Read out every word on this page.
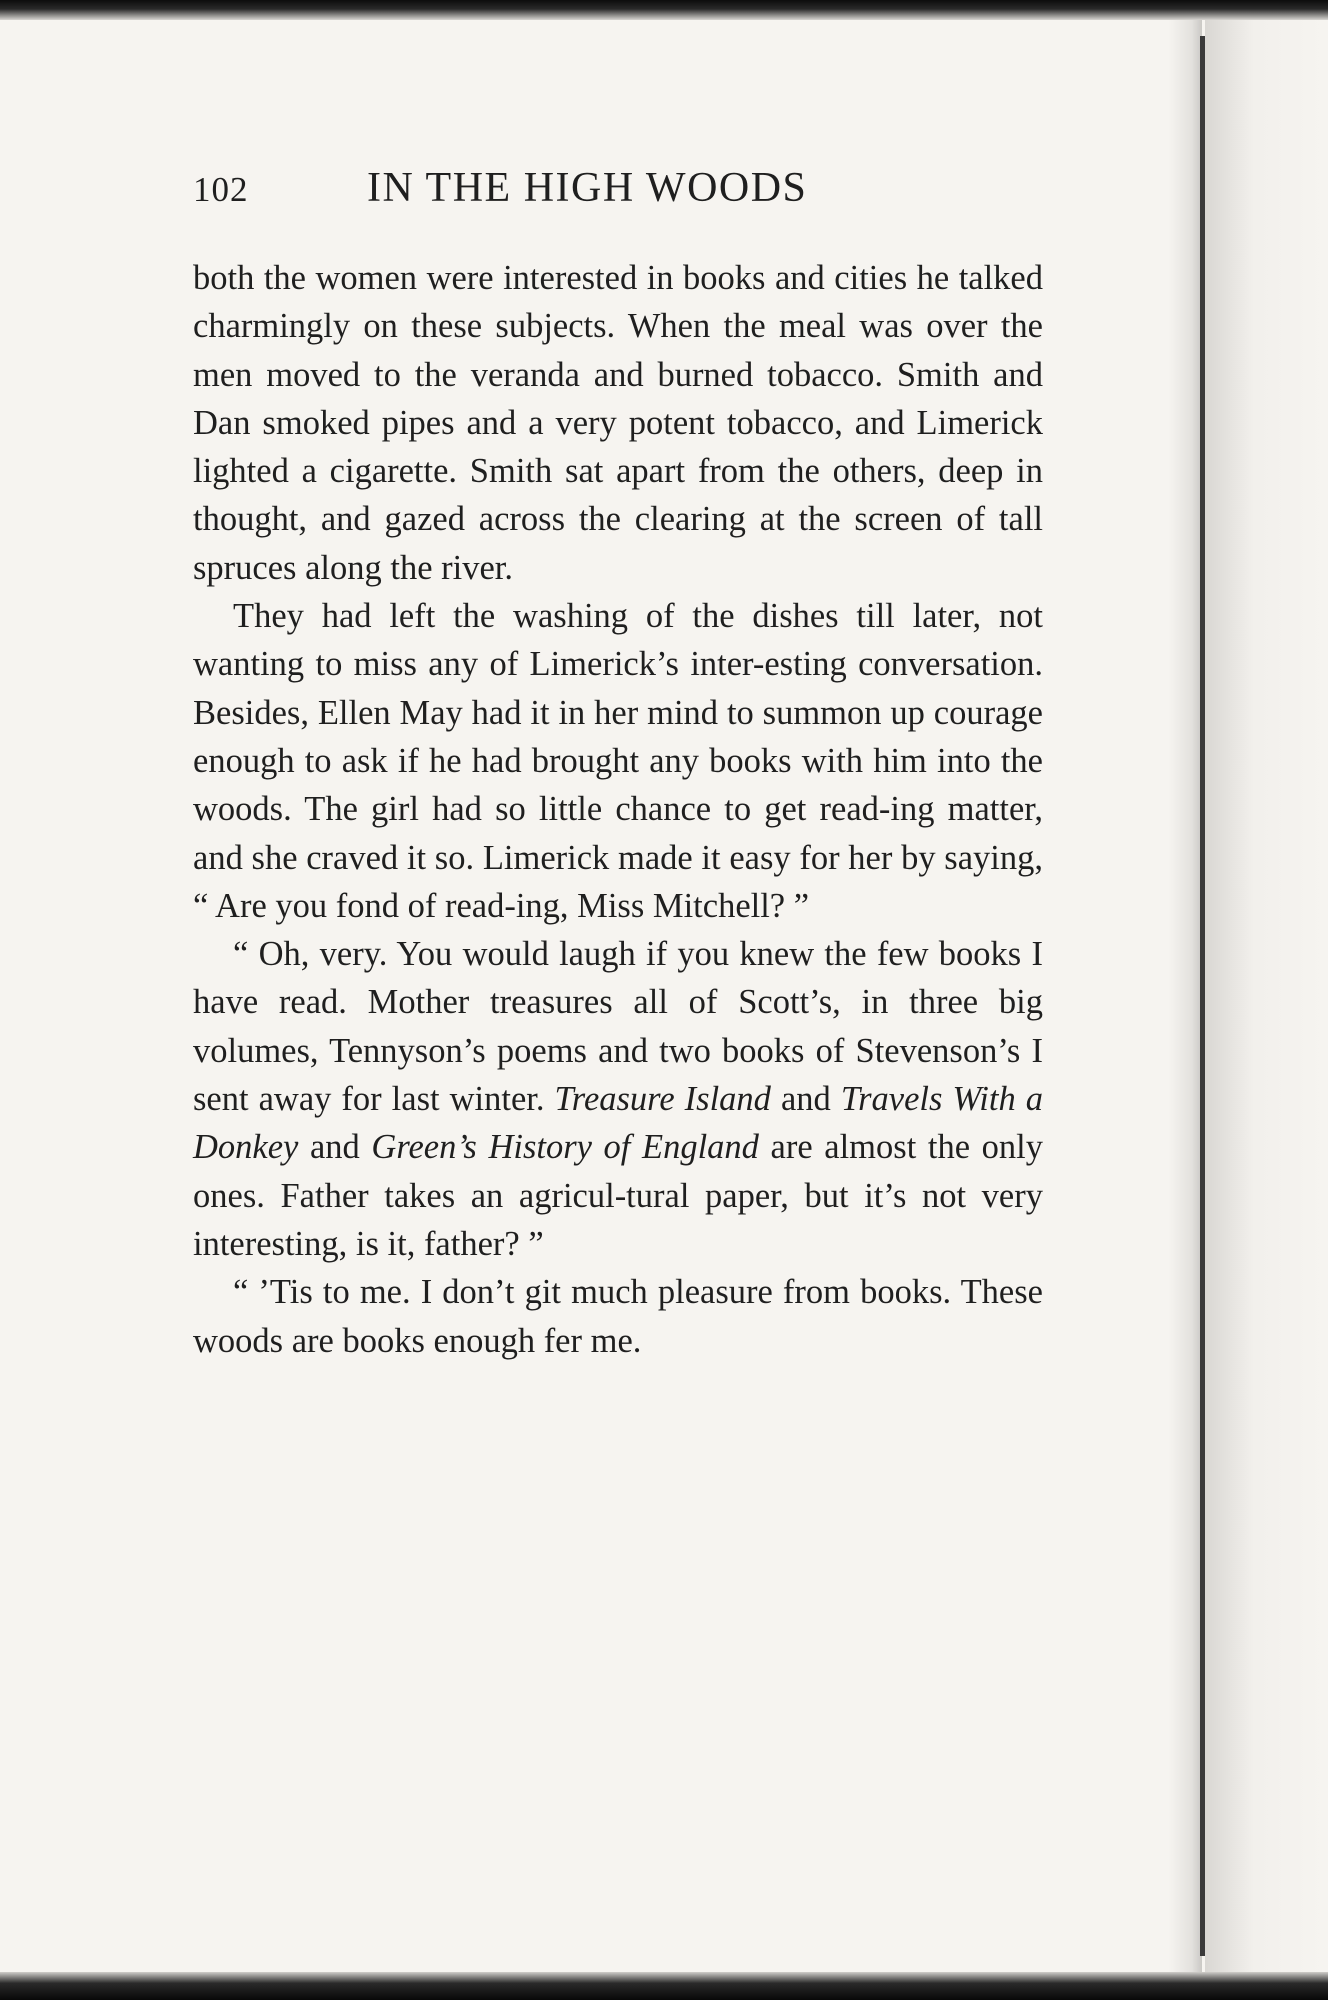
102	IN THE HIGH WOODS

both the women were interested in books and cities he talked charmingly on these subjects. When the meal was over the men moved to the veranda and burned tobacco. Smith and Dan smoked pipes and a very potent tobacco, and Limerick lighted a cigarette. Smith sat apart from the others, deep in thought, and gazed across the clearing at the screen of tall spruces along the river.

They had left the washing of the dishes till later, not wanting to miss any of Limerick’s inter-esting conversation. Besides, Ellen May had it in her mind to summon up courage enough to ask if he had brought any books with him into the woods. The girl had so little chance to get read-ing matter, and she craved it so. Limerick made it easy for her by saying, “ Are you fond of read-ing, Miss Mitchell? ”

“ Oh, very. You would laugh if you knew the few books I have read. Mother treasures all of Scott’s, in three big volumes, Tennyson’s poems and two books of Stevenson’s I sent away for last winter. Treasure Island and Travels With a Donkey and Green’s History of England are almost the only ones. Father takes an agricul-tural paper, but it’s not very interesting, is it, father? ”

“ ’Tis to me. I don’t git much pleasure from books. These woods are books enough fer me.
